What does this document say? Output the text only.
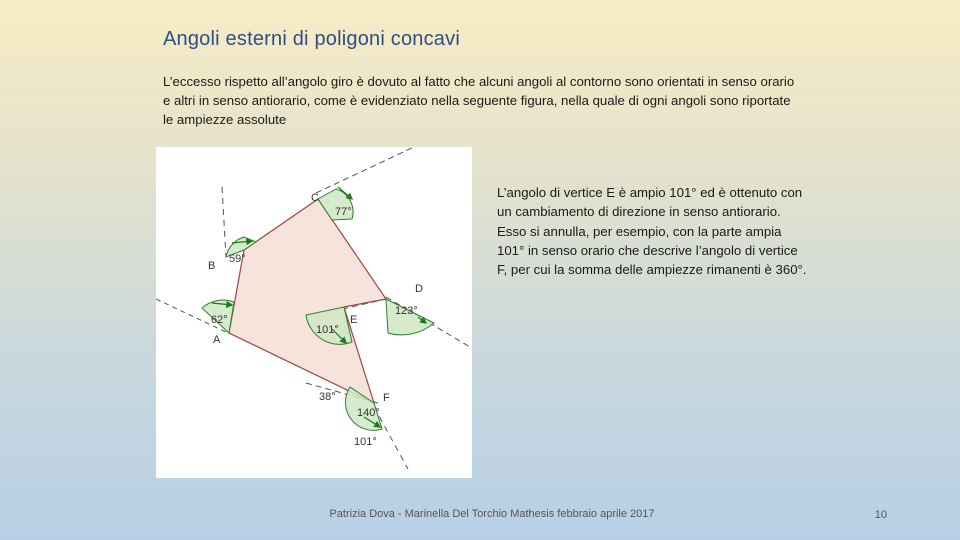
Angoli esterni di poligoni concavi
L’eccesso rispetto all’angolo giro è dovuto al fatto che alcuni angoli al contorno sono orientati in senso orario e altri in senso antiorario, come è evidenziato nella seguente figura, nella quale di ogni angoli sono riportate le ampiezze assolute
A
B
C
D
E
F
62°
59°
77°
123°
101°
140°
38°
101°
L’angolo di vertice E è ampio 101° ed è ottenuto con un cambiamento di direzione in senso antiorario. Esso si annulla, per esempio, con la parte ampia 101° in senso orario che descrive l’angolo di vertice F, per cui la somma delle ampiezze rimanenti è 360°.
Patrizia Dova - Marinella Del Torchio Mathesis febbraio aprile 2017	10
